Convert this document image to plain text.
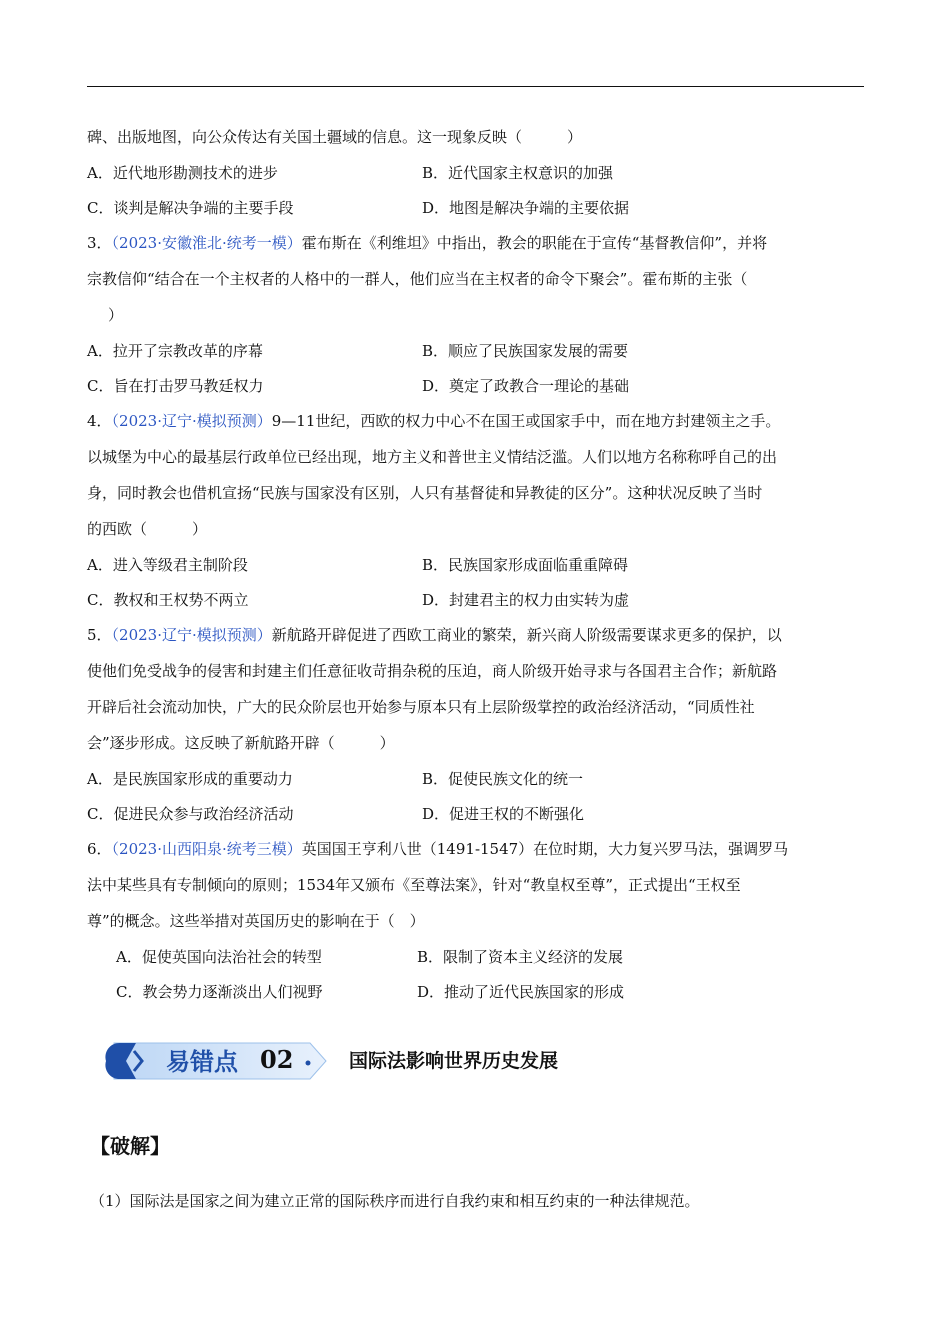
碑、出版地图，向公众传达有关国土疆域的信息。这一现象反映（　　　）
A．近代地形勘测技术的进步	B．近代国家主权意识的加强
C．谈判是解决争端的主要手段	D．地图是解决争端的主要依据
3．（2023·安徽淮北·统考一模）霍布斯在《利维坦》中指出，教会的职能在于宣传“基督教信仰”，并将
宗教信仰“结合在一个主权者的人格中的一群人，他们应当在主权者的命令下聚会”。霍布斯的主张（
　）
A．拉开了宗教改革的序幕	B．顺应了民族国家发展的需要
C．旨在打击罗马教廷权力	D．奠定了政教合一理论的基础
4．（2023·辽宁·模拟预测）9—11世纪，西欧的权力中心不在国王或国家手中，而在地方封建领主之手。
以城堡为中心的最基层行政单位已经出现，地方主义和普世主义情结泛滥。人们以地方名称称呼自己的出
身，同时教会也借机宣扬“民族与国家没有区别，人只有基督徒和异教徒的区分”。这种状况反映了当时
的西欧（　　　）
A．进入等级君主制阶段	B．民族国家形成面临重重障碍
C．教权和王权势不两立	D．封建君主的权力由实转为虚
5．（2023·辽宁·模拟预测）新航路开辟促进了西欧工商业的繁荣，新兴商人阶级需要谋求更多的保护，以
使他们免受战争的侵害和封建主们任意征收苛捐杂税的压迫，商人阶级开始寻求与各国君主合作；新航路
开辟后社会流动加快，广大的民众阶层也开始参与原本只有上层阶级掌控的政治经济活动，“同质性社
会”逐步形成。这反映了新航路开辟（　　　）
A．是民族国家形成的重要动力	B．促使民族文化的统一
C．促进民众参与政治经济活动	D．促进王权的不断强化
6．（2023·山西阳泉·统考三模）英国国王亨利八世（1491-1547）在位时期，大力复兴罗马法，强调罗马
法中某些具有专制倾向的原则；1534年又颁布《至尊法案》，针对“教皇权至尊”，正式提出“王权至
尊”的概念。这些举措对英国历史的影响在于（　）
A．促使英国向法治社会的转型	B．限制了资本主义经济的发展
C．教会势力逐渐淡出人们视野	D．推动了近代民族国家的形成
易错点 02	国际法影响世界历史发展
【破解】
（1）国际法是国家之间为建立正常的国际秩序而进行自我约束和相互约束的一种法律规范。
